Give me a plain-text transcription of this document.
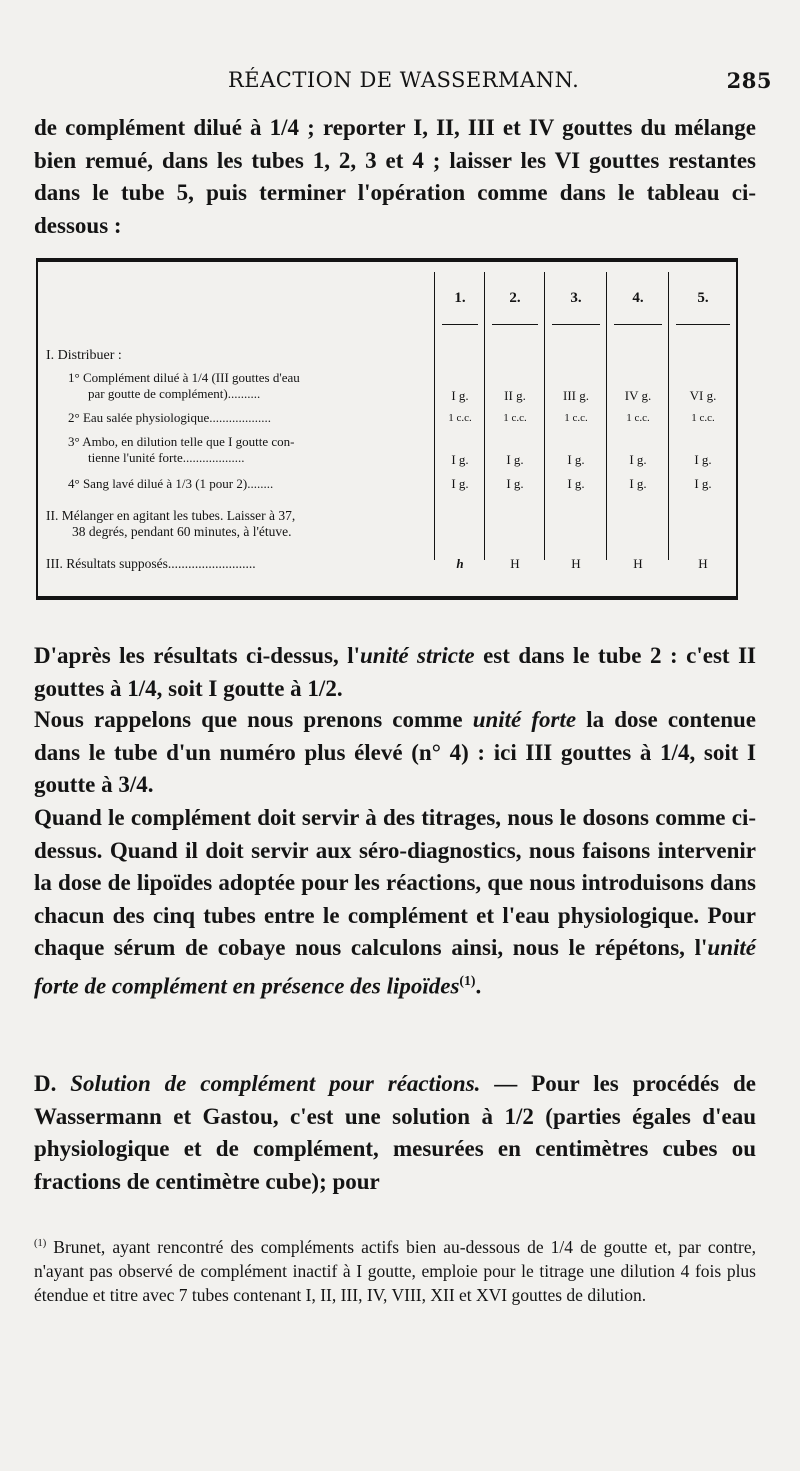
RÉACTION DE WASSERMANN.	285
de complément dilué à 1/4 ; reporter I, II, III et IV gouttes du mélange bien remué, dans les tubes 1, 2, 3 et 4 ; laisser les VI gouttes restantes dans le tube 5, puis terminer l'opération comme dans le tableau ci-dessous :
1.	2.	3.	4.	5.
I. Distribuer :
1° Complément dilué à 1/4 (III gouttes d'eau
par goutte de complément)..........	I g.	II g.	III g.	IV g.	VI g.
2° Eau salée physiologique...................	1 c.c.	1 c.c.	1 c.c.	1 c.c.	1 c.c.
3° Ambo, en dilution telle que I goutte con-
tienne l'unité forte...................	I g.	I g.	I g.	I g.	I g.
4° Sang lavé dilué à 1/3 (1 pour 2)........	I g.	I g.	I g.	I g.	I g.
II. Mélanger en agitant les tubes. Laisser à 37,
38 degrés, pendant 60 minutes, à l'étuve.
III. Résultats supposés..........................	h	H	H	H	H
D'après les résultats ci-dessus, l'unité stricte est dans le tube 2 : c'est II gouttes à 1/4, soit I goutte à 1/2.
Nous rappelons que nous prenons comme unité forte la dose contenue dans le tube d'un numéro plus élevé (n° 4) : ici III gouttes à 1/4, soit I goutte à 3/4.
Quand le complément doit servir à des titrages, nous le dosons comme ci-dessus. Quand il doit servir aux séro-diagnostics, nous faisons intervenir la dose de lipoïdes adoptée pour les réactions, que nous introduisons dans chacun des cinq tubes entre le complément et l'eau physiologique. Pour chaque sérum de cobaye nous calculons ainsi, nous le répétons, l'unité forte de complément en présence des lipoïdes$^{(1)}$.
D. Solution de complément pour réactions. — Pour les procédés de Wassermann et Gastou, c'est une solution à 1/2 (parties égales d'eau physiologique et de complément, mesurées en centimètres cubes ou fractions de centimètre cube); pour
$^{(1)}$ Brunet, ayant rencontré des compléments actifs bien au-dessous de 1/4 de goutte et, par contre, n'ayant pas observé de complément inactif à I goutte, emploie pour le titrage une dilution 4 fois plus étendue et titre avec 7 tubes contenant I, II, III, IV, VIII, XII et XVI gouttes de dilution.
